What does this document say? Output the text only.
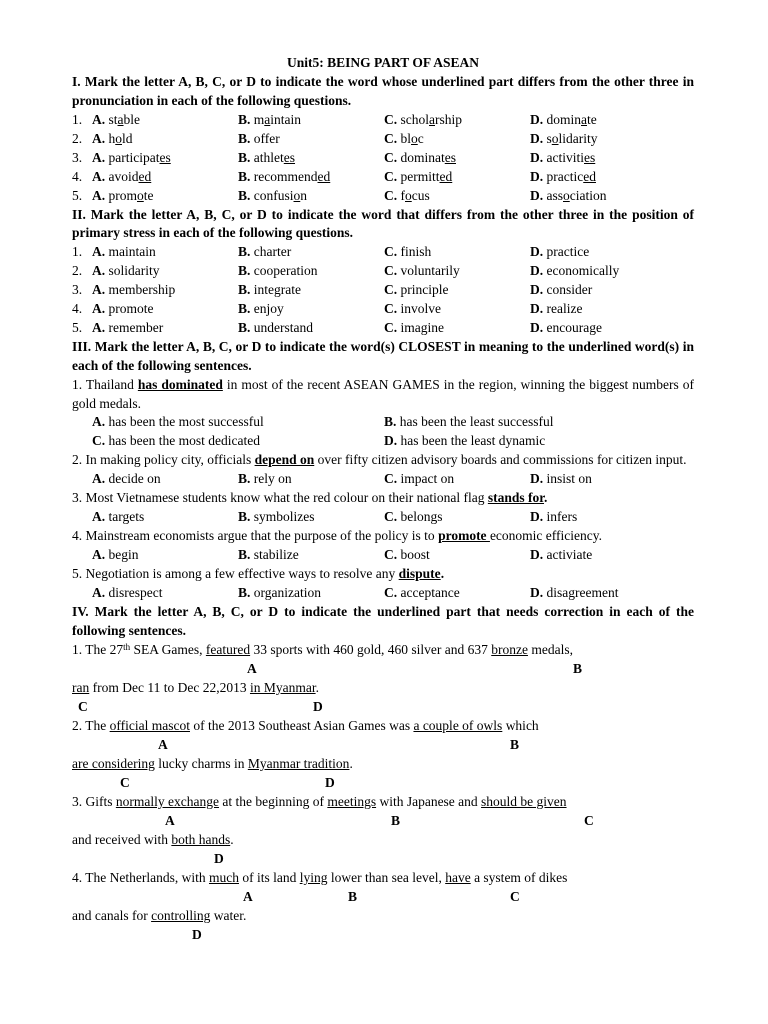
Unit5: BEING PART OF ASEAN
I. Mark the letter A, B, C, or D to indicate the word whose underlined part differs from the other three in pronunciation in each of the following questions.
1. A. stable	B. maintain	C. scholarship	D. dominate
2. A. hold	B. offer	C. bloc	D. solidarity
3. A. participates	B. athletes	C. dominates	D. activities
4. A. avoided	B. recommended	C. permitted	D. practiced
5. A. promote	B. confusion	C. focus	D. association
II. Mark the letter A, B, C, or D to indicate the word that differs from the other three in the position of primary stress in each of the following questions.
1. A. maintain	B. charter	C. finish	D. practice
2. A. solidarity	B. cooperation	C. voluntarily	D. economically
3. A. membership	B. integrate	C. principle	D. consider
4. A. promote	B. enjoy	C. involve	D. realize
5. A. remember	B. understand	C. imagine	D. encourage
III. Mark the letter A, B, C, or D to indicate the word(s) CLOSEST in meaning to the underlined word(s) in each of the following sentences.
1. Thailand has dominated in most of the recent ASEAN GAMES in the region, winning the biggest numbers of gold medals.
A. has been the most successful	B. has been the least successful
C. has been the most dedicated	D. has been the least dynamic
2. In making policy city, officials depend on over fifty citizen advisory boards and commissions for citizen input.
A. decide on	B. rely on	C. impact on	D. insist on
3. Most Vietnamese students know what the red colour on their national flag stands for.
A. targets	B. symbolizes	C. belongs	D. infers
4. Mainstream economists argue that the purpose of the policy is to promote economic efficiency.
A. begin	B. stabilize	C. boost	D. activiate
5. Negotiation is among a few effective ways to resolve any dispute.
A. disrespect	B. organization	C. acceptance	D. disagreement
IV. Mark the letter A, B, C, or D to indicate the underlined part that needs correction in each of the following sentences.
1. The 27th SEA Games, featured 33 sports with 460 gold, 460 silver and 637 bronze medals,
A	B
ran from Dec 11 to Dec 22,2013 in Myanmar.
C	D
2. The official mascot of the 2013 Southeast Asian Games was a couple of owls which
A	B
are considering lucky charms in Myanmar tradition.
C	D
3. Gifts normally exchange at the beginning of meetings with Japanese and should be given
A	B	C
and received with both hands.
D
4. The Netherlands, with much of its land lying lower than sea level, have a system of dikes
A	B	C
and canals for controlling water.
D
